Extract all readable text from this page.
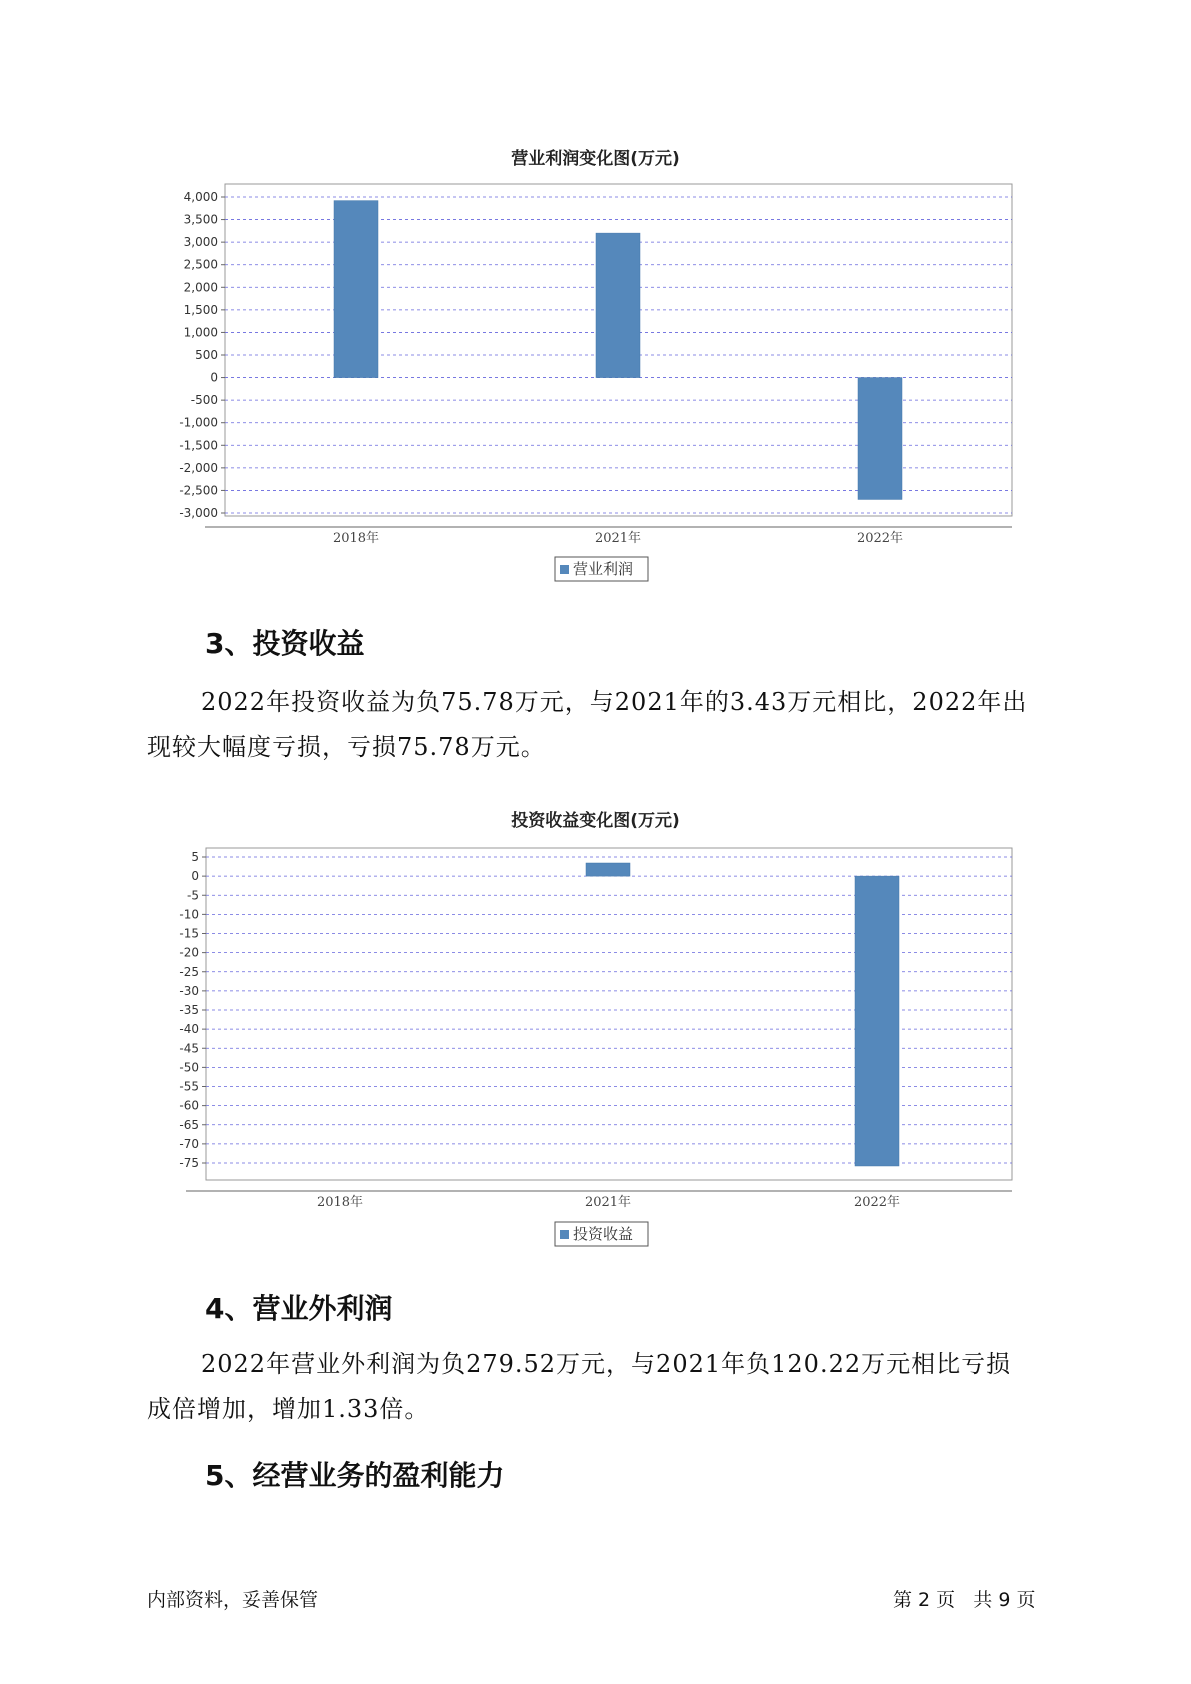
营业利润变化图(万元)
4,000
3,500
3,000
2,500
2,000
1,500
1,000
500
0
-500
-1,000
-1,500
-2,000
-2,500
-3,000
2018年	2021年	2022年
营业利润
3、投资收益
2022年投资收益为负75.78万元，与2021年的3.43万元相比，2022年出
现较大幅度亏损，亏损75.78万元。
投资收益变化图(万元)
5
0
-5
-10
-15
-20
-25
-30
-35
-40
-45
-50
-55
-60
-65
-70
-75
2018年	2021年	2022年
投资收益
4、营业外利润
2022年营业外利润为负279.52万元，与2021年负120.22万元相比亏损
成倍增加，增加1.33倍。
5、经营业务的盈利能力
内部资料，妥善保管	第 2 页   共 9 页
